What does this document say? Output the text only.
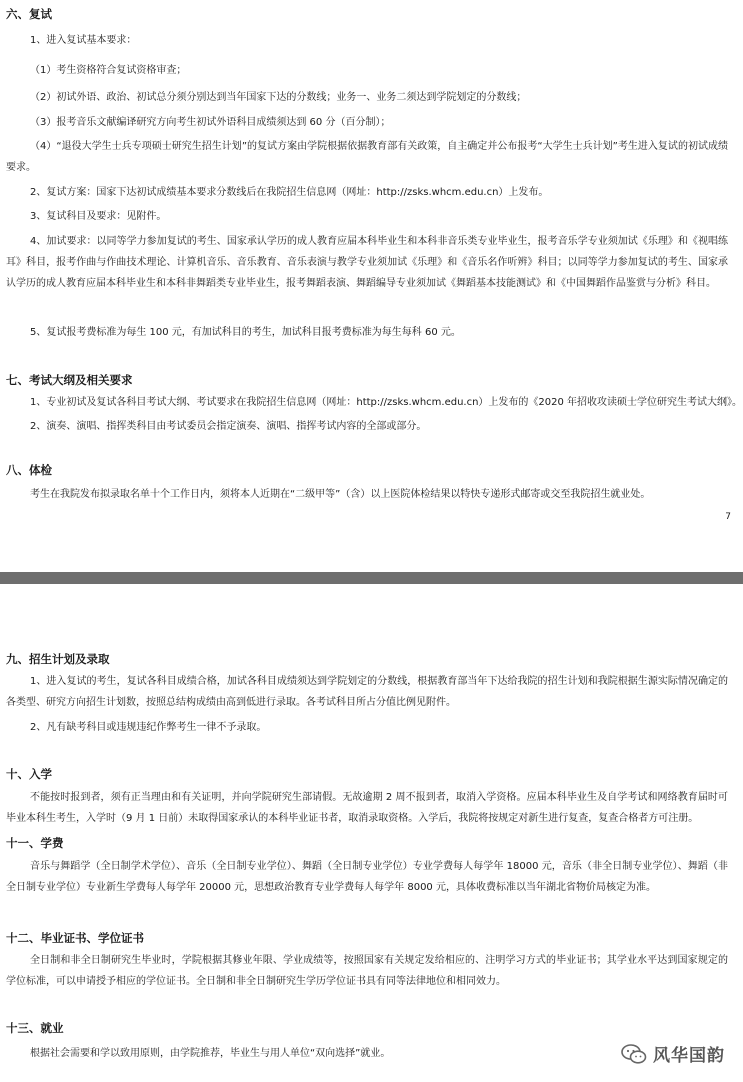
六、复试
1、进入复试基本要求：
（1）考生资格符合复试资格审查；
（2）初试外语、政治、初试总分须分别达到当年国家下达的分数线；业务一、业务二须达到学院划定的分数线；
（3）报考音乐文献编译研究方向考生初试外语科目成绩须达到 60 分（百分制）；
（4）“退役大学生士兵专项硕士研究生招生计划”的复试方案由学院根据依据教育部有关政策，自主确定并公布报考“大学生士兵计划”考生进入复试的初试成绩要求。
2、复试方案：国家下达初试成绩基本要求分数线后在我院招生信息网（网址：http://zsks.whcm.edu.cn）上发布。
3、复试科目及要求：见附件。
4、加试要求：以同等学力参加复试的考生、国家承认学历的成人教育应届本科毕业生和本科非音乐类专业毕业生，报考音乐学专业须加试《乐理》和《视唱练耳》科目，报考作曲与作曲技术理论、计算机音乐、音乐教育、音乐表演与教学专业须加试《乐理》和《音乐名作听辨》科目；以同等学力参加复试的考生、国家承认学历的成人教育应届本科毕业生和本科非舞蹈类专业毕业生，报考舞蹈表演、舞蹈编导专业须加试《舞蹈基本技能测试》和《中国舞蹈作品鉴赏与分析》科目。
5、复试报考费标准为每生 100 元，有加试科目的考生，加试科目报考费标准为每生每科 60 元。
七、考试大纲及相关要求
1、专业初试及复试各科目考试大纲、考试要求在我院招生信息网（网址：http://zsks.whcm.edu.cn）上发布的《2020 年招收攻读硕士学位研究生考试大纲》。
2、演奏、演唱、指挥类科目由考试委员会指定演奏、演唱、指挥考试内容的全部或部分。
八、体检
考生在我院发布拟录取名单十个工作日内，须将本人近期在“二级甲等”（含）以上医院体检结果以特快专递形式邮寄或交至我院招生就业处。
7
九、招生计划及录取
1、进入复试的考生，复试各科目成绩合格，加试各科目成绩须达到学院划定的分数线，根据教育部当年下达给我院的招生计划和我院根据生源实际情况确定的各类型、研究方向招生计划数，按照总结构成绩由高到低进行录取。各考试科目所占分值比例见附件。
2、凡有缺考科目或违规违纪作弊考生一律不予录取。
十、入学
不能按时报到者，须有正当理由和有关证明，并向学院研究生部请假。无故逾期 2 周不报到者，取消入学资格。应届本科毕业生及自学考试和网络教育届时可毕业本科生考生，入学时（9 月 1 日前）未取得国家承认的本科毕业证书者，取消录取资格。入学后，我院将按规定对新生进行复查，复查合格者方可注册。
十一、学费
音乐与舞蹈学（全日制学术学位）、音乐（全日制专业学位）、舞蹈（全日制专业学位）专业学费每人每学年 18000 元，音乐（非全日制专业学位）、舞蹈（非全日制专业学位）专业新生学费每人每学年 20000 元，思想政治教育专业学费每人每学年 8000 元，具体收费标准以当年湖北省物价局核定为准。
十二、毕业证书、学位证书
全日制和非全日制研究生毕业时，学院根据其修业年限、学业成绩等，按照国家有关规定发给相应的、注明学习方式的毕业证书；其学业水平达到国家规定的学位标准，可以申请授予相应的学位证书。全日制和非全日制研究生学历学位证书具有同等法律地位和相同效力。
十三、就业
根据社会需要和学以致用原则，由学院推荐，毕业生与用人单位“双向选择”就业。	风华国韵
